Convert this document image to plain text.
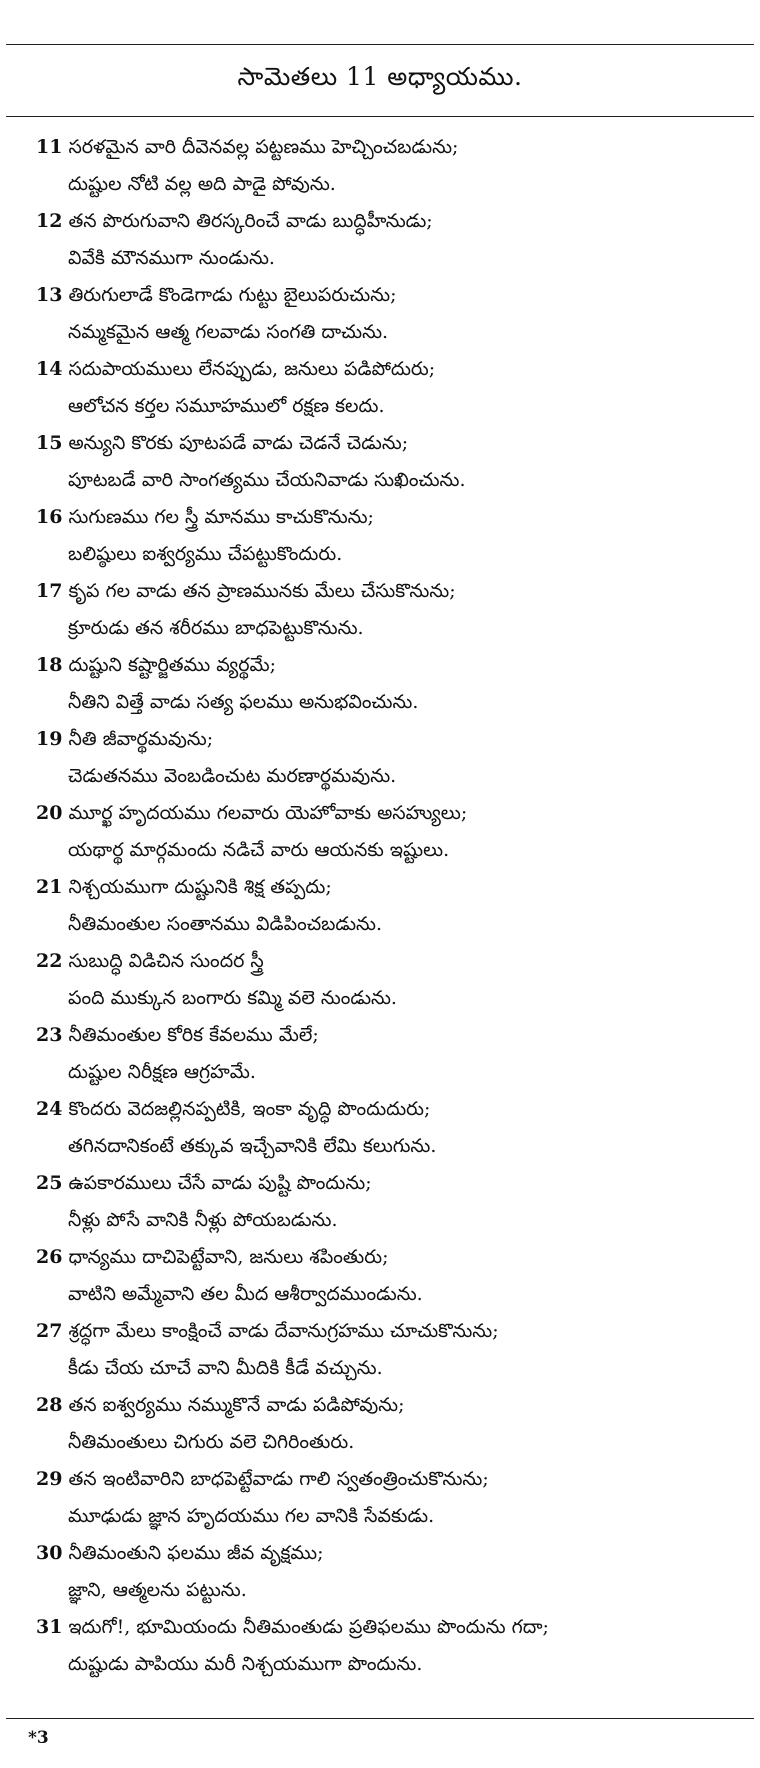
సామెతలు 11 అధ్యాయము.
11 సరళమైన వారి దీవెనవల్ల పట్టణము హెచ్చించబడును;
దుష్టుల నోటి వల్ల అది పాడై పోవును.
12 తన పొరుగువాని తిరస్కరించే వాడు బుద్ధిహీనుడు;
వివేకి మౌనముగా నుండును.
13 తిరుగులాడే కొండెగాడు గుట్టు బైలుపరుచును;
నమ్మకమైన ఆత్మ గలవాడు సంగతి దాచును.
14 సదుపాయములు లేనప్పుడు, జనులు పడిపోదురు;
ఆలోచన కర్తల సమూహములో రక్షణ కలదు.
15 అన్యుని కొరకు పూటపడే వాడు చెడనే చెడును;
పూటబడే వారి సాంగత్యము చేయనివాడు సుఖించును.
16 సుగుణము గల స్త్రీ మానము కాచుకొనును;
బలిష్ఠులు ఐశ్వర్యము చేపట్టుకొందురు.
17 కృప గల వాడు తన ప్రాణమునకు మేలు చేసుకొనును;
క్రూరుడు తన శరీరము బాధపెట్టుకొనును.
18 దుష్టుని కష్టార్జితము వ్యర్థమే;
నీతిని విత్తే వాడు సత్య ఫలము అనుభవించును.
19 నీతి జీవార్థమవును;
చెడుతనము వెంబడించుట మరణార్థమవును.
20 మూర్ఖ హృదయము గలవారు యెహోవాకు అసహ్యులు;
యథార్థ మార్గమందు నడిచే వారు ఆయనకు ఇష్టులు.
21 నిశ్చయముగా దుష్టునికి శిక్ష తప్పదు;
నీతిమంతుల సంతానము విడిపించబడును.
22 సుబుద్ధి విడిచిన సుందర స్త్రీ
పంది ముక్కున బంగారు కమ్మి వలె నుండును.
23 నీతిమంతుల కోరిక కేవలము మేలే;
దుష్టుల నిరీక్షణ ఆగ్రహమే.
24 కొందరు వెదజల్లినప్పటికి, ఇంకా వృద్ధి పొందుదురు;
తగినదానికంటే తక్కువ ఇచ్చేవానికి లేమి కలుగును.
25 ఉపకారములు చేసే వాడు పుష్టి పొందును;
నీళ్లు పోసే వానికి నీళ్లు పోయబడును.
26 ధాన్యము దాచిపెట్టేవాని, జనులు శపింతురు;
వాటిని అమ్మేవాని తల మీద ఆశీర్వాదముండును.
27 శ్రద్ధగా మేలు కాంక్షించే వాడు దేవానుగ్రహము చూచుకొనును;
కీడు చేయ చూచే వాని మీదికి కీడే వచ్చును.
28 తన ఐశ్వర్యము నమ్ముకొనే వాడు పడిపోవును;
నీతిమంతులు చిగురు వలె చిగిరింతురు.
29 తన ఇంటివారిని బాధపెట్టేవాడు గాలి స్వతంత్రించుకొనును;
మూఢుడు జ్ఞాన హృదయము గల వానికి సేవకుడు.
30 నీతిమంతుని ఫలము జీవ వృక్షము;
జ్ఞాని, ఆత్మలను పట్టును.
31 ఇదుగో!, భూమియందు నీతిమంతుడు ప్రతిఫలము పొందును గదా;
దుష్టుడు పాపియు మరీ నిశ్చయముగా పొందును.
*3
